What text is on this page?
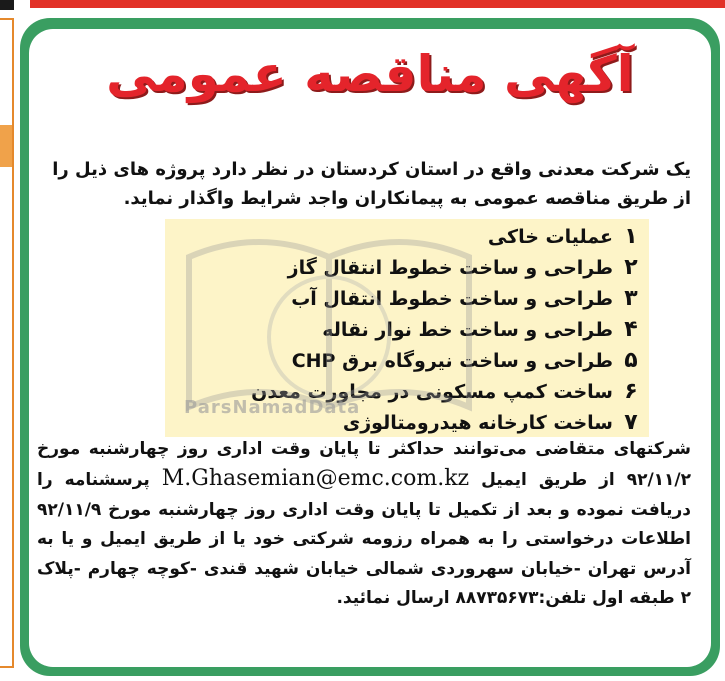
آگهی مناقصه عمومی
یک شرکت معدنی واقع در استان کردستان در نظر دارد پروژه های ذیل را از طریق مناقصه عمومی به پیمانکاران واجد شرایط واگذار نماید.
۱
عملیات خاکی
۲
طراحی و ساخت خطوط انتقال گاز
۳
طراحی و ساخت خطوط انتقال آب
۴
طراحی و ساخت خط نوار نقاله
۵
طراحی و ساخت نیروگاه برق CHP
۶
ساخت کمپ مسکونی در مجاورت معدن
۷
ساخت کارخانه هیدرومتالوژی
ParsNamadData
شرکتهای متقاضی می‌توانند حداکثر تا پایان وقت اداری روز چهارشنبه مورخ ۹۲/۱۱/۲ از طریق ایمیل M.Ghasemian@emc.com.kz پرسشنامه را دریافت نموده و بعد از تکمیل تا پایان وقت اداری روز چهارشنبه مورخ ۹۲/۱۱/۹ اطلاعات درخواستی را به همراه رزومه شرکتی خود یا از طریق ایمیل و یا به آدرس تهران -خیابان سهروردی شمالی خیابان شهید قندی -کوچه چهارم -پلاک ۲ طبقه اول تلفن:۸۸۷۳۵۶۷۳ ارسال نمائید.
